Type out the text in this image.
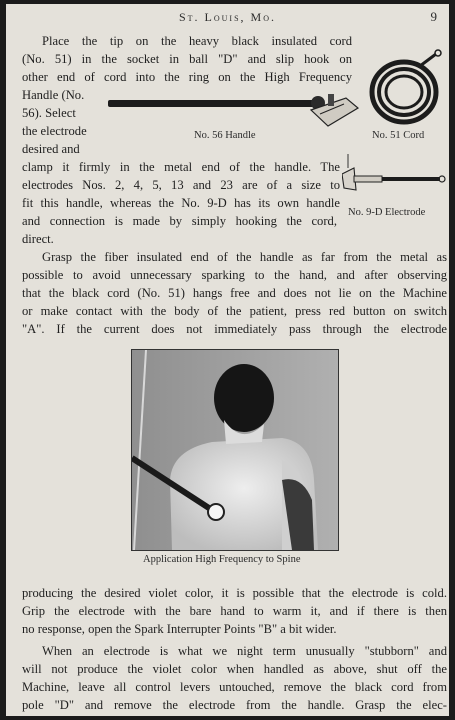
St. Louis, Mo.	9
Place the tip on the heavy black insulated cord
(No. 51) in the socket in ball "D" and slip hook on
other end of cord into the ring on the High Frequency
Handle (No.
56). Select
the electrode
desired and
clamp it firmly in the metal end of the handle. The
electrodes Nos. 2, 4, 5, 13 and 23 are of a size to
fit this handle, whereas the No. 9-D has its own handle
and connection is made by simply hooking the cord,
direct.
No. 56 Handle	No. 51 Cord
No. 9-D Electrode
Grasp the fiber insulated end of the handle as far from the metal as
possible to avoid unnecessary sparking to the hand, and after observing
that the black cord (No. 51) hangs free and does not lie on the Machine
or make contact with the body of the patient, press red button on switch
"A". If the current does not immediately pass through the electrode
Application High Frequency to Spine
producing the desired violet color, it is possible that the electrode is cold.
Grip the electrode with the bare hand to warm it, and if there is then
no response, open the Spark Interrupter Points "B" a bit wider.
When an electrode is what we night term unusually "stubborn" and
will not produce the violet color when handled as above, shut off the
Machine, leave all control levers untouched, remove the black cord from
pole "D" and remove the electrode from the handle. Grasp the elec-
